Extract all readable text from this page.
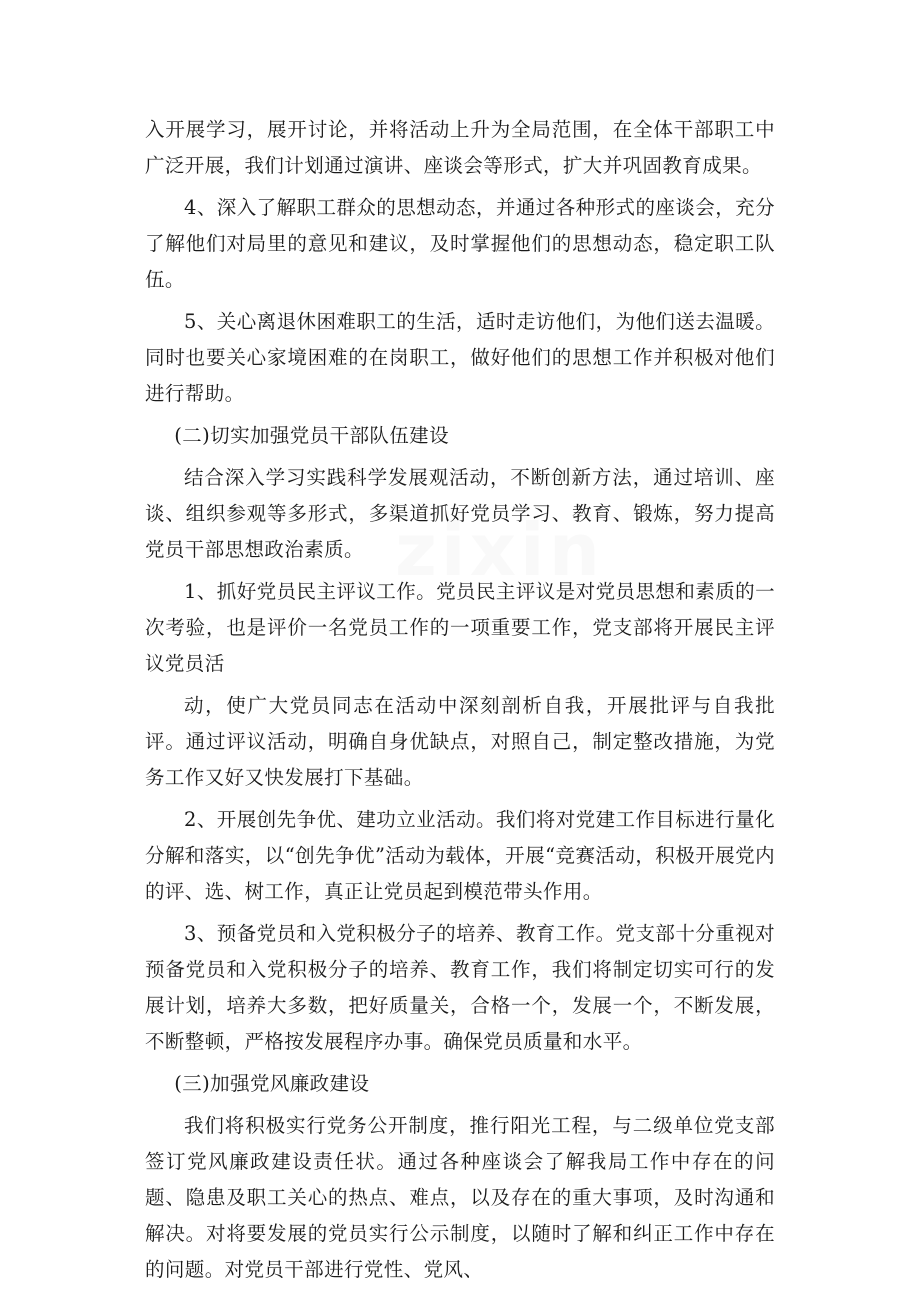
zixin

入开展学习，展开讨论，并将活动上升为全局范围，在全体干部职工中广泛开展，我们计划通过演讲、座谈会等形式，扩大并巩固教育成果。

4、深入了解职工群众的思想动态，并通过各种形式的座谈会，充分了解他们对局里的意见和建议，及时掌握他们的思想动态，稳定职工队伍。

5、关心离退休困难职工的生活，适时走访他们，为他们送去温暖。同时也要关心家境困难的在岗职工，做好他们的思想工作并积极对他们进行帮助。

(二)切实加强党员干部队伍建设

结合深入学习实践科学发展观活动，不断创新方法，通过培训、座谈、组织参观等多形式，多渠道抓好党员学习、教育、锻炼，努力提高党员干部思想政治素质。

1、抓好党员民主评议工作。党员民主评议是对党员思想和素质的一次考验，也是评价一名党员工作的一项重要工作，党支部将开展民主评议党员活

动，使广大党员同志在活动中深刻剖析自我，开展批评与自我批评。通过评议活动，明确自身优缺点，对照自己，制定整改措施，为党务工作又好又快发展打下基础。

2、开展创先争优、建功立业活动。我们将对党建工作目标进行量化分解和落实，以“创先争优”活动为载体，开展“竞赛活动，积极开展党内的评、选、树工作，真正让党员起到模范带头作用。

3、预备党员和入党积极分子的培养、教育工作。党支部十分重视对预备党员和入党积极分子的培养、教育工作，我们将制定切实可行的发展计划，培养大多数，把好质量关，合格一个，发展一个，不断发展，不断整顿，严格按发展程序办事。确保党员质量和水平。

(三)加强党风廉政建设

我们将积极实行党务公开制度，推行阳光工程，与二级单位党支部签订党风廉政建设责任状。通过各种座谈会了解我局工作中存在的问题、隐患及职工关心的热点、难点，以及存在的重大事项，及时沟通和解决。对将要发展的党员实行公示制度，以随时了解和纠正工作中存在的问题。对党员干部进行党性、党风、
